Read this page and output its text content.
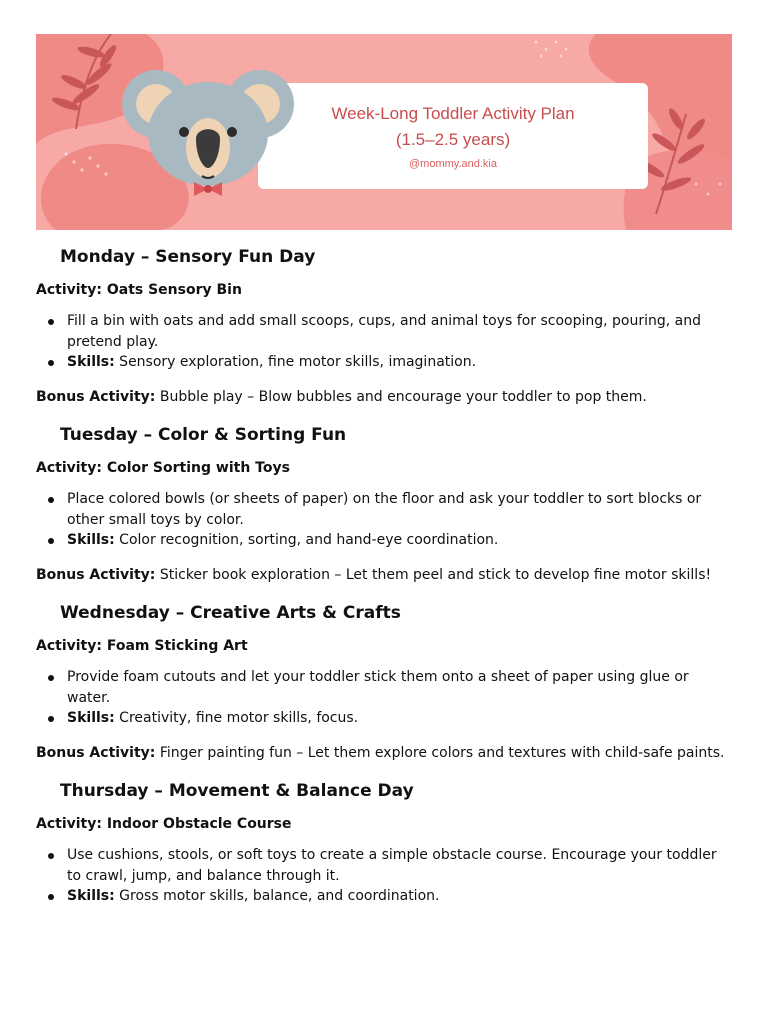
Week-Long Toddler Activity Plan
(1.5–2.5 years)
@mommy.and.kia
Monday – Sensory Fun Day
Activity: Oats Sensory Bin
Fill a bin with oats and add small scoops, cups, and animal toys for scooping, pouring, and pretend play.
Skills: Sensory exploration, fine motor skills, imagination.

Bonus Activity: Bubble play – Blow bubbles and encourage your toddler to pop them.

Tuesday – Color & Sorting Fun
Activity: Color Sorting with Toys
Place colored bowls (or sheets of paper) on the floor and ask your toddler to sort blocks or other small toys by color.
Skills: Color recognition, sorting, and hand-eye coordination.

Bonus Activity: Sticker book exploration – Let them peel and stick to develop fine motor skills!

Wednesday – Creative Arts & Crafts
Activity: Foam Sticking Art
Provide foam cutouts and let your toddler stick them onto a sheet of paper using glue or water.
Skills: Creativity, fine motor skills, focus.

Bonus Activity: Finger painting fun – Let them explore colors and textures with child-safe paints.

Thursday – Movement & Balance Day
Activity: Indoor Obstacle Course
Use cushions, stools, or soft toys to create a simple obstacle course. Encourage your toddler to crawl, jump, and balance through it.
Skills: Gross motor skills, balance, and coordination.
